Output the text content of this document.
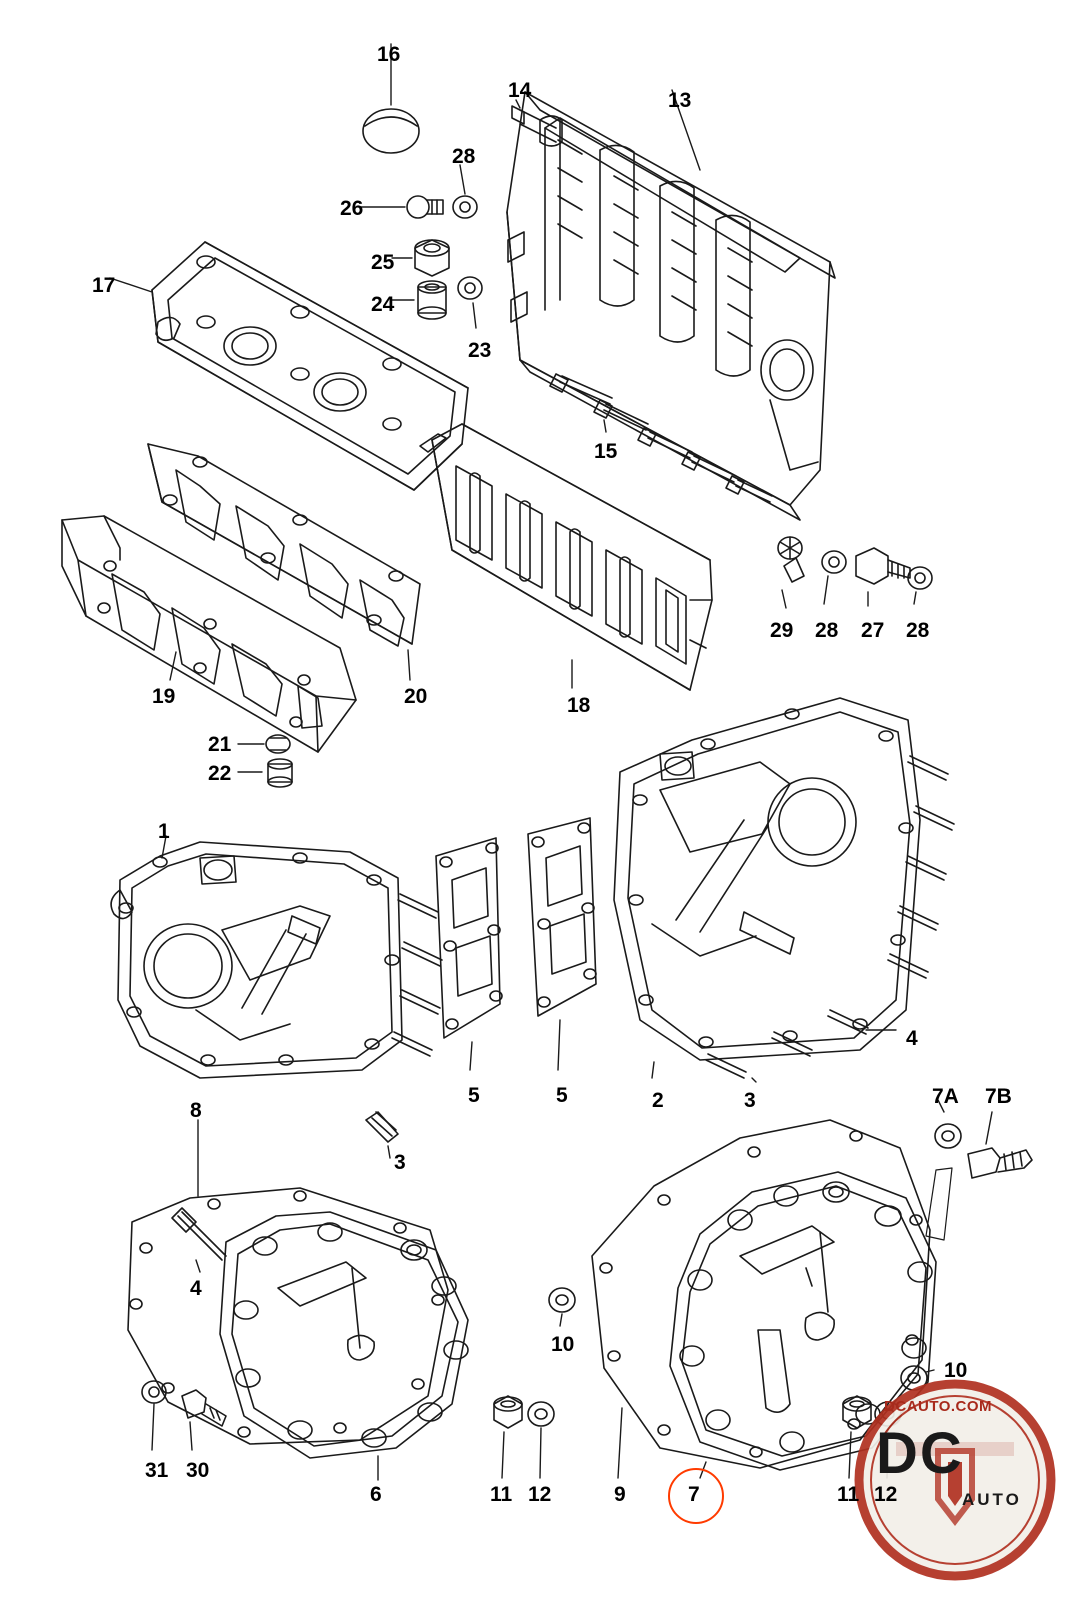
16
14	13
28
26
25
17
24
23
15
29 28 27 28
19	20	18
21
22
1
5	5	2	3
4
7A 7B
8
3
4
10
10
31 30
6	11 12	9	7	11 12
DCAUTO.COM
DC
AUTO
